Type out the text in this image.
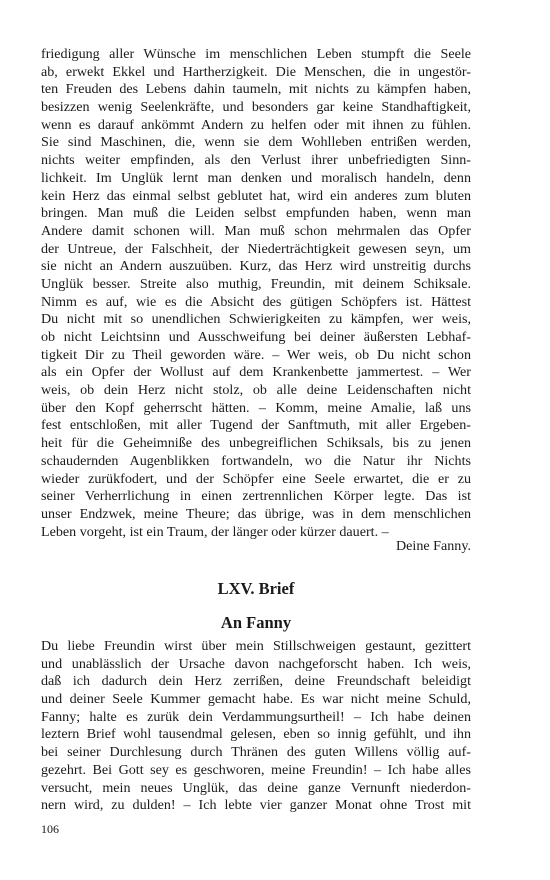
friedigung aller Wünsche im menschlichen Leben stumpft die Seele
ab, erwekt Ekkel und Hartherzigkeit. Die Menschen, die in ungestör-
ten Freuden des Lebens dahin taumeln, mit nichts zu kämpfen haben,
besizzen wenig Seelenkräfte, und besonders gar keine Standhaftigkeit,
wenn es darauf ankömmt Andern zu helfen oder mit ihnen zu fühlen.
Sie sind Maschinen, die, wenn sie dem Wohlleben entrißen werden,
nichts weiter empfinden, als den Verlust ihrer unbefriedigten Sinn-
lichkeit. Im Unglük lernt man denken und moralisch handeln, denn
kein Herz das einmal selbst geblutet hat, wird ein anderes zum bluten
bringen. Man muß die Leiden selbst empfunden haben, wenn man
Andere damit schonen will. Man muß schon mehrmalen das Opfer
der Untreue, der Falschheit, der Niederträchtigkeit gewesen seyn, um
sie nicht an Andern auszuüben. Kurz, das Herz wird unstreitig durchs
Unglük besser. Streite also muthig, Freundin, mit deinem Schiksale.
Nimm es auf, wie es die Absicht des gütigen Schöpfers ist. Hättest
Du nicht mit so unendlichen Schwierigkeiten zu kämpfen, wer weis,
ob nicht Leichtsinn und Ausschweifung bei deiner äußersten Lebhaf-
tigkeit Dir zu Theil geworden wäre. – Wer weis, ob Du nicht schon
als ein Opfer der Wollust auf dem Krankenbette jammertest. – Wer
weis, ob dein Herz nicht stolz, ob alle deine Leidenschaften nicht
über den Kopf geherrscht hätten. – Komm, meine Amalie, laß uns
fest entschloßen, mit aller Tugend der Sanftmuth, mit aller Ergeben-
heit für die Geheimniße des unbegreiflichen Schiksals, bis zu jenen
schaudernden Augenblikken fortwandeln, wo die Natur ihr Nichts
wieder zurükfodert, und der Schöpfer eine Seele erwartet, die er zu
seiner Verherrlichung in einen zertrennlichen Körper legte. Das ist
unser Endzwek, meine Theure; das übrige, was in dem menschlichen
Leben vorgeht, ist ein Traum, der länger oder kürzer dauert. –
Deine Fanny.
LXV. Brief
An Fanny
Du liebe Freundin wirst über mein Stillschweigen gestaunt, gezittert
und unablässlich der Ursache davon nachgeforscht haben. Ich weis,
daß ich dadurch dein Herz zerrißen, deine Freundschaft beleidigt
und deiner Seele Kummer gemacht habe. Es war nicht meine Schuld,
Fanny; halte es zurük dein Verdammungsurtheil! – Ich habe deinen
leztern Brief wohl tausendmal gelesen, eben so innig gefühlt, und ihn
bei seiner Durchlesung durch Thränen des guten Willens völlig auf-
gezehrt. Bei Gott sey es geschworen, meine Freundin! – Ich habe alles
versucht, mein neues Unglük, das deine ganze Vernunft niederdon-
nern wird, zu dulden! – Ich lebte vier ganzer Monat ohne Trost mit
106
